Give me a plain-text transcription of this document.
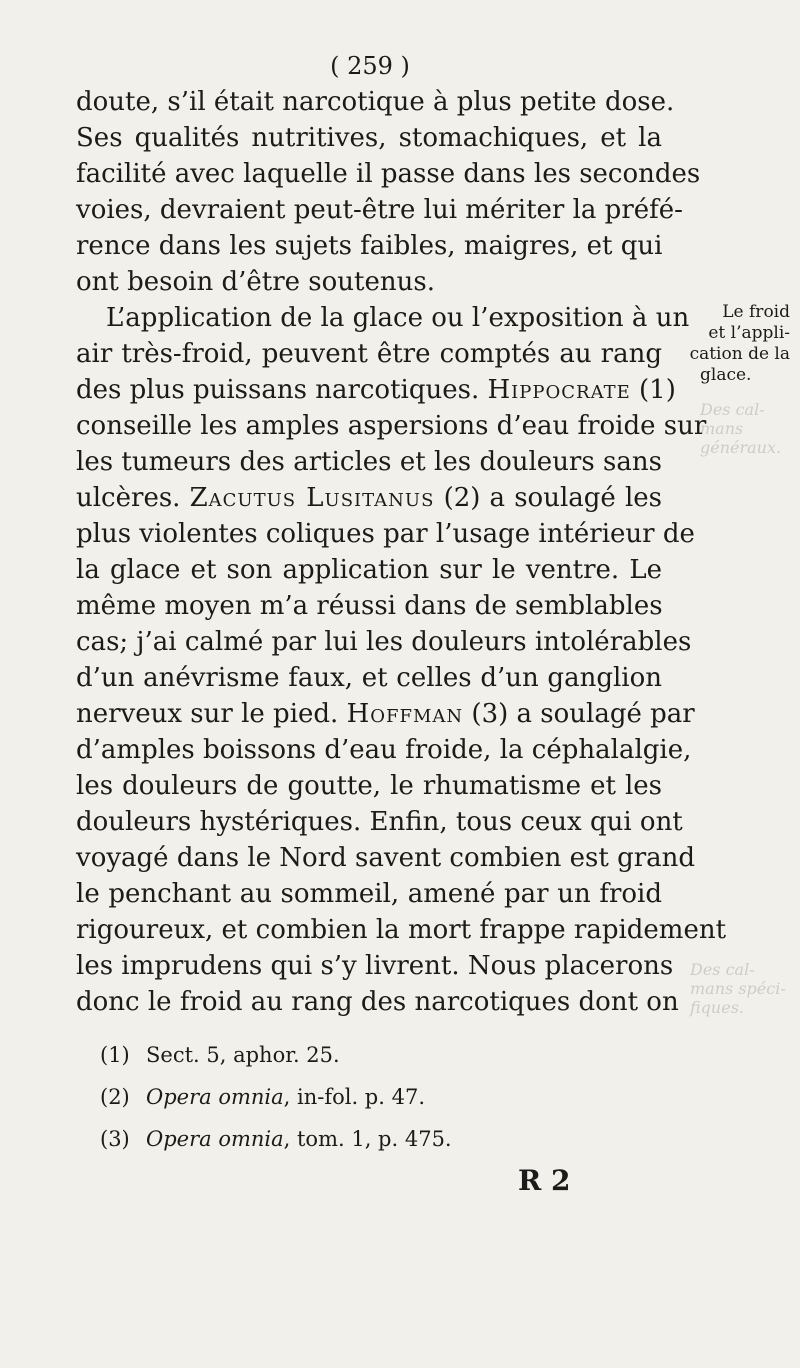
Des cal-
mans généraux.
Des cal-
mans spéci-
fiques.
( 259 )
doute, s’il était narcotique à plus petite dose.
Ses qualités nutritives, stomachiques, et la
facilité avec laquelle il passe dans les secondes
voies, devraient peut-être lui mériter la préfé-
rence dans les sujets faibles, maigres, et qui
ont besoin d’être soutenus.
L’application de la glace ou l’exposition à un
air très-froid, peuvent être comptés au rang
des plus puissans narcotiques. Hippocrate (1)
conseille les amples aspersions d’eau froide sur
les tumeurs des articles et les douleurs sans
ulcères. Zacutus Lusitanus (2) a soulagé les
plus violentes coliques par l’usage intérieur de
la glace et son application sur le ventre. Le
même moyen m’a réussi dans de semblables
cas; j’ai calmé par lui les douleurs intolérables
d’un anévrisme faux, et celles d’un ganglion
nerveux sur le pied. Hoffman (3) a soulagé par
d’amples boissons d’eau froide, la céphalalgie,
les douleurs de goutte, le rhumatisme et les
douleurs hystériques. Enfin, tous ceux qui ont
voyagé dans le Nord savent combien est grand
le penchant au sommeil, amené par un froid
rigoureux, et combien la mort frappe rapidement
les imprudens qui s’y livrent. Nous placerons
donc le froid au rang des narcotiques dont on
Le froid
et l’appli-
cation de la
glace.
(1) Sect. 5, aphor. 25.
(2) Opera omnia, in-fol. p. 47.
(3) Opera omnia, tom. 1, p. 475.
R 2
